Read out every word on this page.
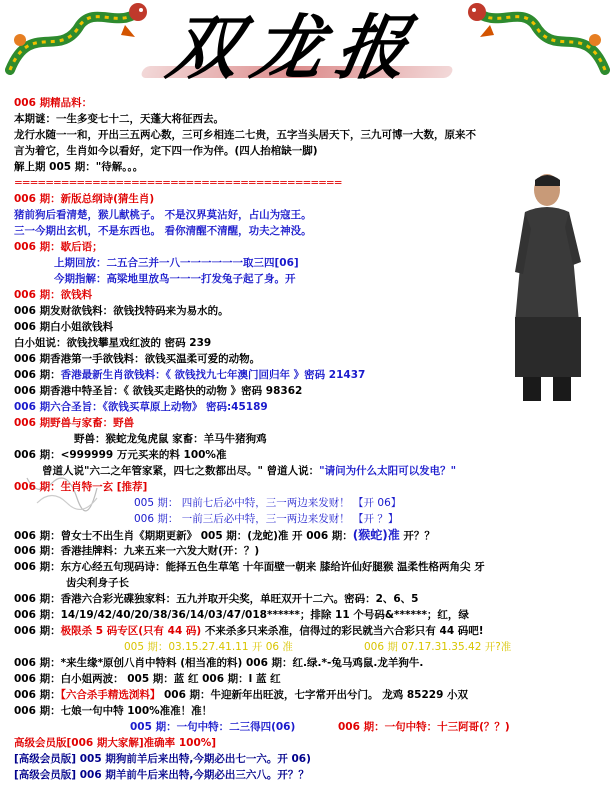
双龙报
006 期精品料：
本期谜：一生多变七十二，天蓬大将征西去。
龙行水随一一和，开出三五两心数，三可乡相连二七贵，五字当头居天下，三九可博一大数，原来不
言为着它，生肖如今以看好，定下四一作为伴。(四人抬棺缺一脚)
解上期 005 期："待解。。。
==========================================
006 期：新版总纲诗(猜生肖)
猪前狗后看清楚，猴儿献桃子。 不是汉界莫沾好，占山为寇王。
三一今期出玄机，不是东西也。 看你清醒不清醒，功夫之神没。
006 期：歇后语；
上期回放：二五合三并一八一一一一一一取三四[06]
今期指解：高梁地里放鸟一一一打发兔子起了身。开
006 期：欲钱料
006 期发财欲钱料：欲钱找特码来为易水的。
006 期白小姐欲钱料
白小姐说：欲钱找攀星戏红波的 密码 239
006 期香港第一手欲钱料：欲钱买温柔可爱的动物。
006 期：香港最新生肖欲钱料：《 欲钱找九七年澳门回归年 》密码 21437
006 期香港中特圣旨：《 欲钱买走路快的动物 》密码 98362
006 期六合圣旨：《欲钱买草原上动物》 密码:45189
006 期野兽与家畜：野兽
野兽：猴蛇龙兔虎鼠 家畜：羊马牛猪狗鸡
006 期：<999999 万元买来的料 100%准
曾道人说"六二之年管家紧，四七之数都出尽。" 曾道人说："请问为什么太阳可以发电？"
006 期：生肖特一玄 [推荐]
005 期： 四前七后必中特，三一两边来发财！ 【开 06】
006 期： 一前三后必中特，三一两边来发财！ 【开 ？】
006 期：曾女士不出生肖《期期更新》 005 期：(龙蛇)准 开 006 期：(猴蛇)准 开？？
006 期：香港挂牌料：九来五来一六发大财(开：？)
006 期：东方心经五句现码诗：能择五色生草笔 十年面壁一朝来 膝给许仙好腿猴 温柔性格两角尖 牙
齿尖利身子长
006 期：香港六合彩光碟独家料：五九并取开尖奖，单旺双开十二六。密码：2、6、5
006 期：14/19/42/40/20/38/36/14/03/47/018******；排除 11 个号码&******；红，绿
006 期：极限杀 5 码专区(只有 44 码) 不来杀多只来杀准，信得过的彩民就当六合彩只有 44 码吧!
005 期：03.15.27.41.11 开 06 准	006 期 07.17.31.35.42 开?准
006 期：*来生缘*原创八肖中特料 (相当准的料) 006 期：红.绿.*-兔马鸡鼠.龙羊狗牛.
006 期：白小姐两波： 005 期：蓝 红 006 期：l 蓝 红
006 期：【六合杀手精选浏料】 006 期：牛迎新年出旺波，七字常开出兮门。 龙鸡 85229 小双
006 期：七娘一句中特 100%准准！准！
005 期：一句中特：二三得四(06)	006 期：一句中特：十三阿哥(？？)
高级会员版[006 期大家解]准确率 100%]
[高级会员版] 005 期狗前羊后来出特,今期必出七一六。开 06)
[高级会员版] 006 期羊前牛后来出特,今期必出三六八。开？？
